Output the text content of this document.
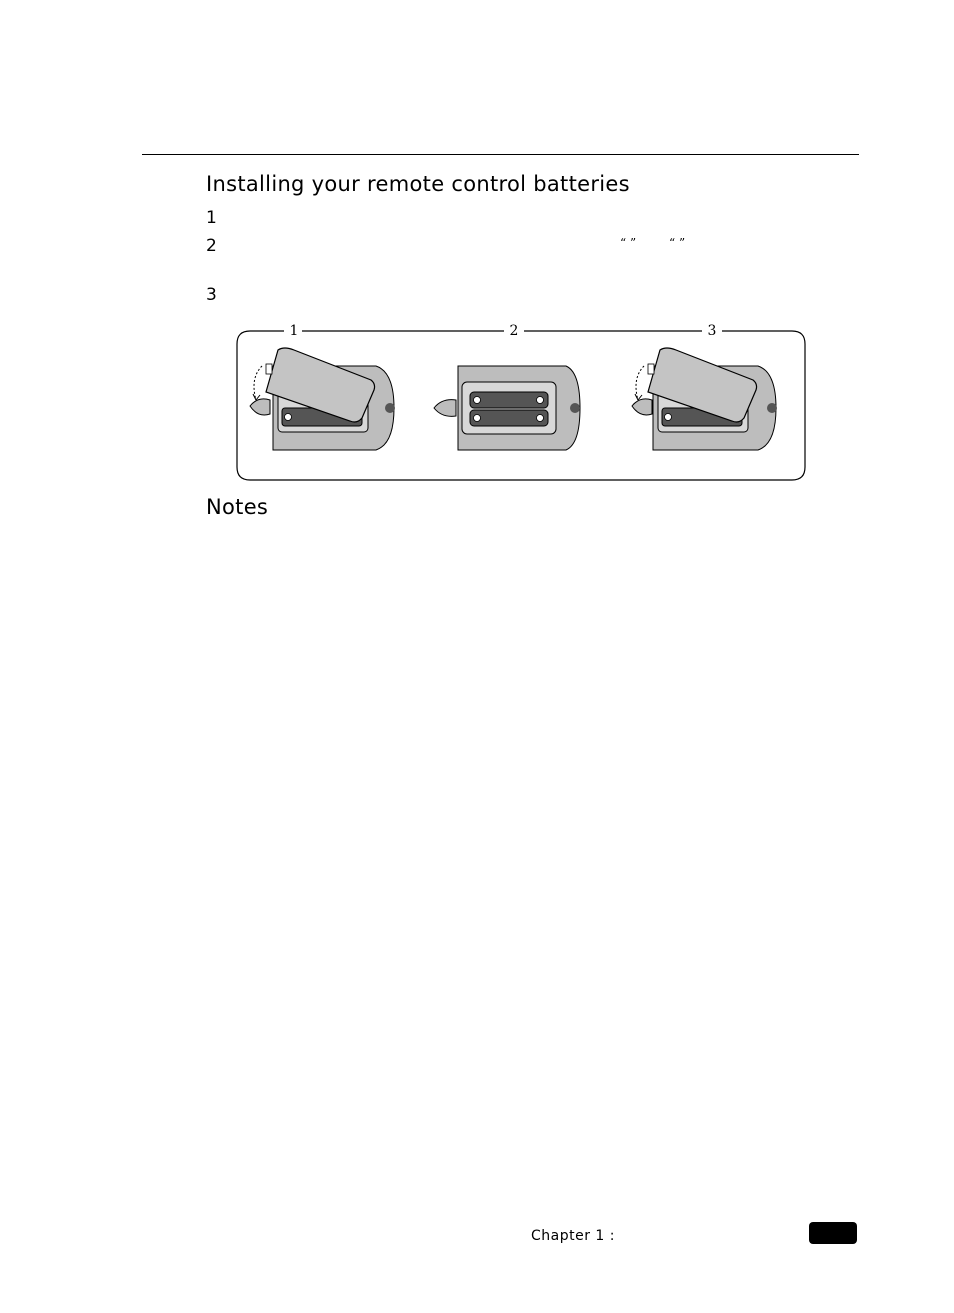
Installing your remote control batteries
1
2
3
“ ”	“ ”
1	2	3
Notes
Chapter 1 :
